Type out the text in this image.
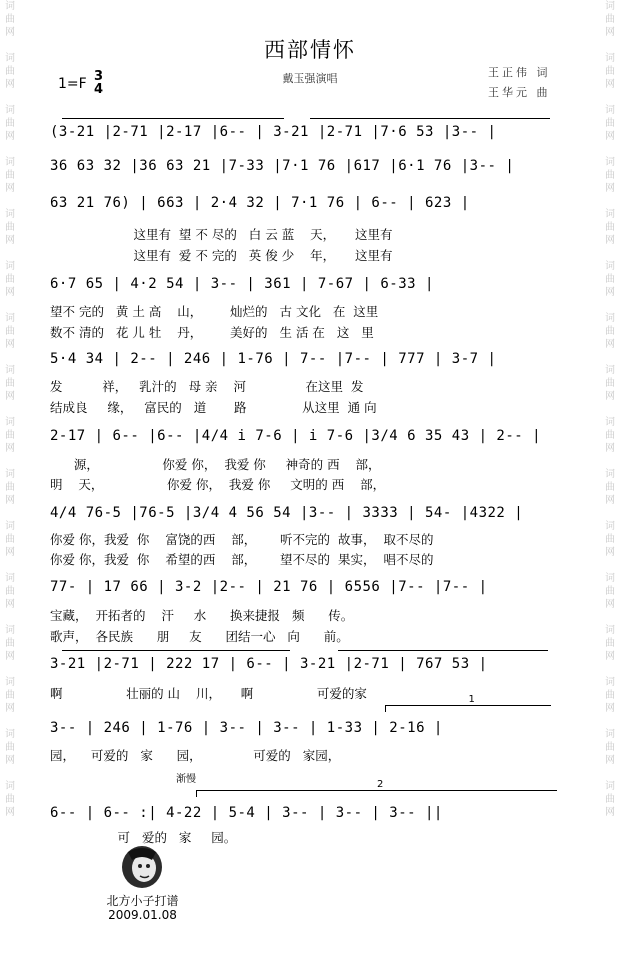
词
曲
网

词
曲
网

词
曲
网

词
曲
网

词
曲
网

词
曲
网

词
曲
网

词
曲
网

词
曲
网

词
曲
网

词
曲
网

词
曲
网

词
曲
网

词
曲
网

词
曲
网

词
曲
网
词
曲
网

词
曲
网

词
曲
网

词
曲
网

词
曲
网

词
曲
网

词
曲
网

词
曲
网

词
曲
网

词
曲
网

词
曲
网

词
曲
网

词
曲
网

词
曲
网

词
曲
网

词
曲
网
西部情怀
戴玉强演唱	王正伟 词
王华元 曲
1=F 3
4
(3-21 |2-71 |2-17 |6-- | 3-21 |2-71 |7·6 53 |3-- |
36 63 32 |36 63 21 |7-33 |7·1 76 |617 |6·1 76 |3-- |
63 21 76) | 663 | 2·4 32 | 7·1 76 | 6-- | 623 |
这里有  望 不 尽的   白 云 蓝    天，     这里有
这里有  爱 不 完的   英 俊 少    年，     这里有
6·7 65 | 4·2 54 | 3-- | 361 | 7-67 | 6-33 |
望不 完的   黄 土 高    山，       灿烂的   古 文化   在  这里
数不 清的   花 儿 牡    丹，       美好的   生 活 在   这   里
5·4 34 | 2-- | 246 | 1-76 | 7-- |7-- | 777 | 3-7 |
发          祥，   乳汁的   母 亲    河               在这里  发
结成良     缘，   富民的   道       路              从这里  通 向
2-17 | 6-- |6-- |4/4 i 7-6 | i 7-6 |3/4 6 35 43 | 2-- |
源，                你爱 你，  我爱 你     神奇的 西    部，
明    天，                你爱 你，  我爱 你     文明的 西    部，
4/4 76-5 |76-5 |3/4 4 56 54 |3-- | 3333 | 54- |4322 |
你爱 你，我爱  你    富饶的西    部，      听不完的  故事，  取不尽的
你爱 你，我爱  你    希望的西    部，      望不尽的  果实，  唱不尽的
77- | 17 66 | 3-2 |2-- | 21 76 | 6556 |7-- |7-- |
宝藏，  开拓者的    汗     水      换来捷报   频      传。
歌声，  各民族      朋     友      团结一心   向      前。
3-21 |2-71 | 222 17 | 6-- | 3-21 |2-71 | 767 53 |
啊                壮丽的 山    川，     啊                可爱的家	1
3-- | 246 | 1-76 | 3-- | 3-- | 1-33 | 2-16 |
园，    可爱的   家      园，             可爱的   家园，
渐慢	2
6-- | 6-- :| 4-22 | 5-4 | 3-- | 3-- | 3-- ||
可   爱的   家     园。
北方小子打谱
2009.01.08
